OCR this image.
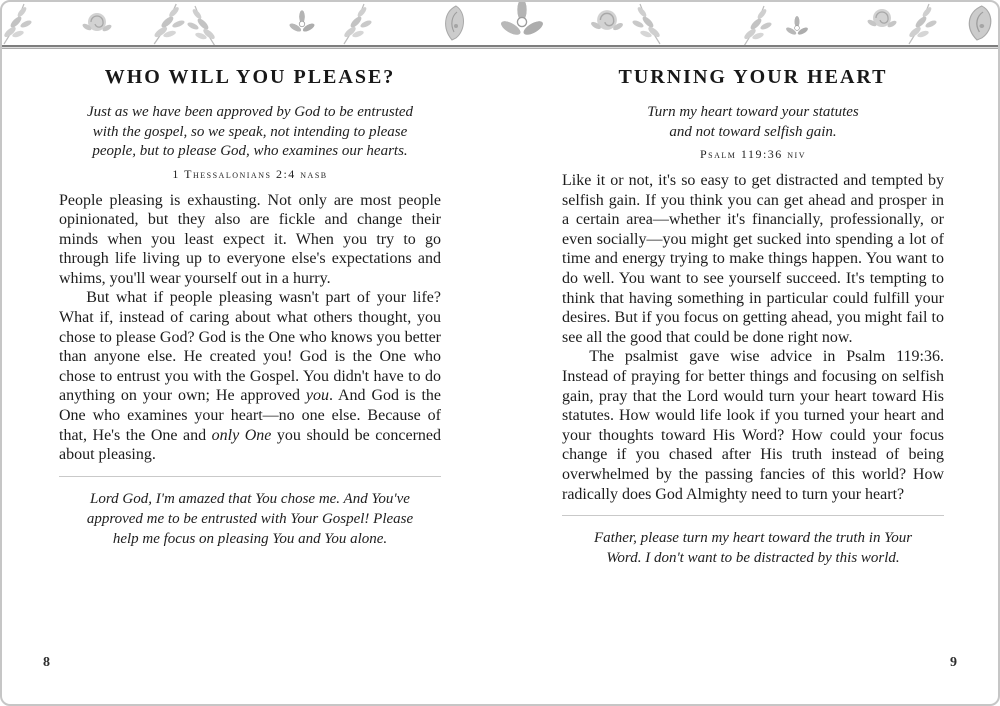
WHO WILL YOU PLEASE?
Just as we have been approved by God to be entrusted
with the gospel, so we speak, not intending to please
people, but to please God, who examines our hearts.
1 Thessalonians 2:4 nasb

People pleasing is exhausting. Not only are most people opinionated, but they also are fickle and change their minds when you least expect it. When you try to go through life living up to everyone else's expectations and whims, you'll wear yourself out in a hurry.

But what if people pleasing wasn't part of your life? What if, instead of caring about what others thought, you chose to please God? God is the One who knows you better than anyone else. He created you! God is the One who chose to entrust you with the Gospel. You didn't have to do anything on your own; He approved you. And God is the One who examines your heart—no one else. Because of that, He's the One and only One you should be concerned about pleasing.

Lord God, I'm amazed that You chose me. And You've
approved me to be entrusted with Your Gospel! Please
help me focus on pleasing You and You alone.
TURNING YOUR HEART
Turn my heart toward your statutes
and not toward selfish gain.
Psalm 119:36 niv

Like it or not, it's so easy to get distracted and tempted by selfish gain. If you think you can get ahead and prosper in a certain area—whether it's financially, professionally, or even socially—you might get sucked into spending a lot of time and energy trying to make things happen. You want to do well. You want to see yourself succeed. It's tempting to think that having something in particular could fulfill your desires. But if you focus on getting ahead, you might fail to see all the good that could be done right now.

The psalmist gave wise advice in Psalm 119:36. Instead of praying for better things and focusing on selfish gain, pray that the Lord would turn your heart toward His statutes. How would life look if you turned your heart and your thoughts toward His Word? How could your focus change if you chased after His truth instead of being overwhelmed by the passing fancies of this world? How radically does God Almighty need to turn your heart?

Father, please turn my heart toward the truth in Your
Word. I don't want to be distracted by this world.
8	9
